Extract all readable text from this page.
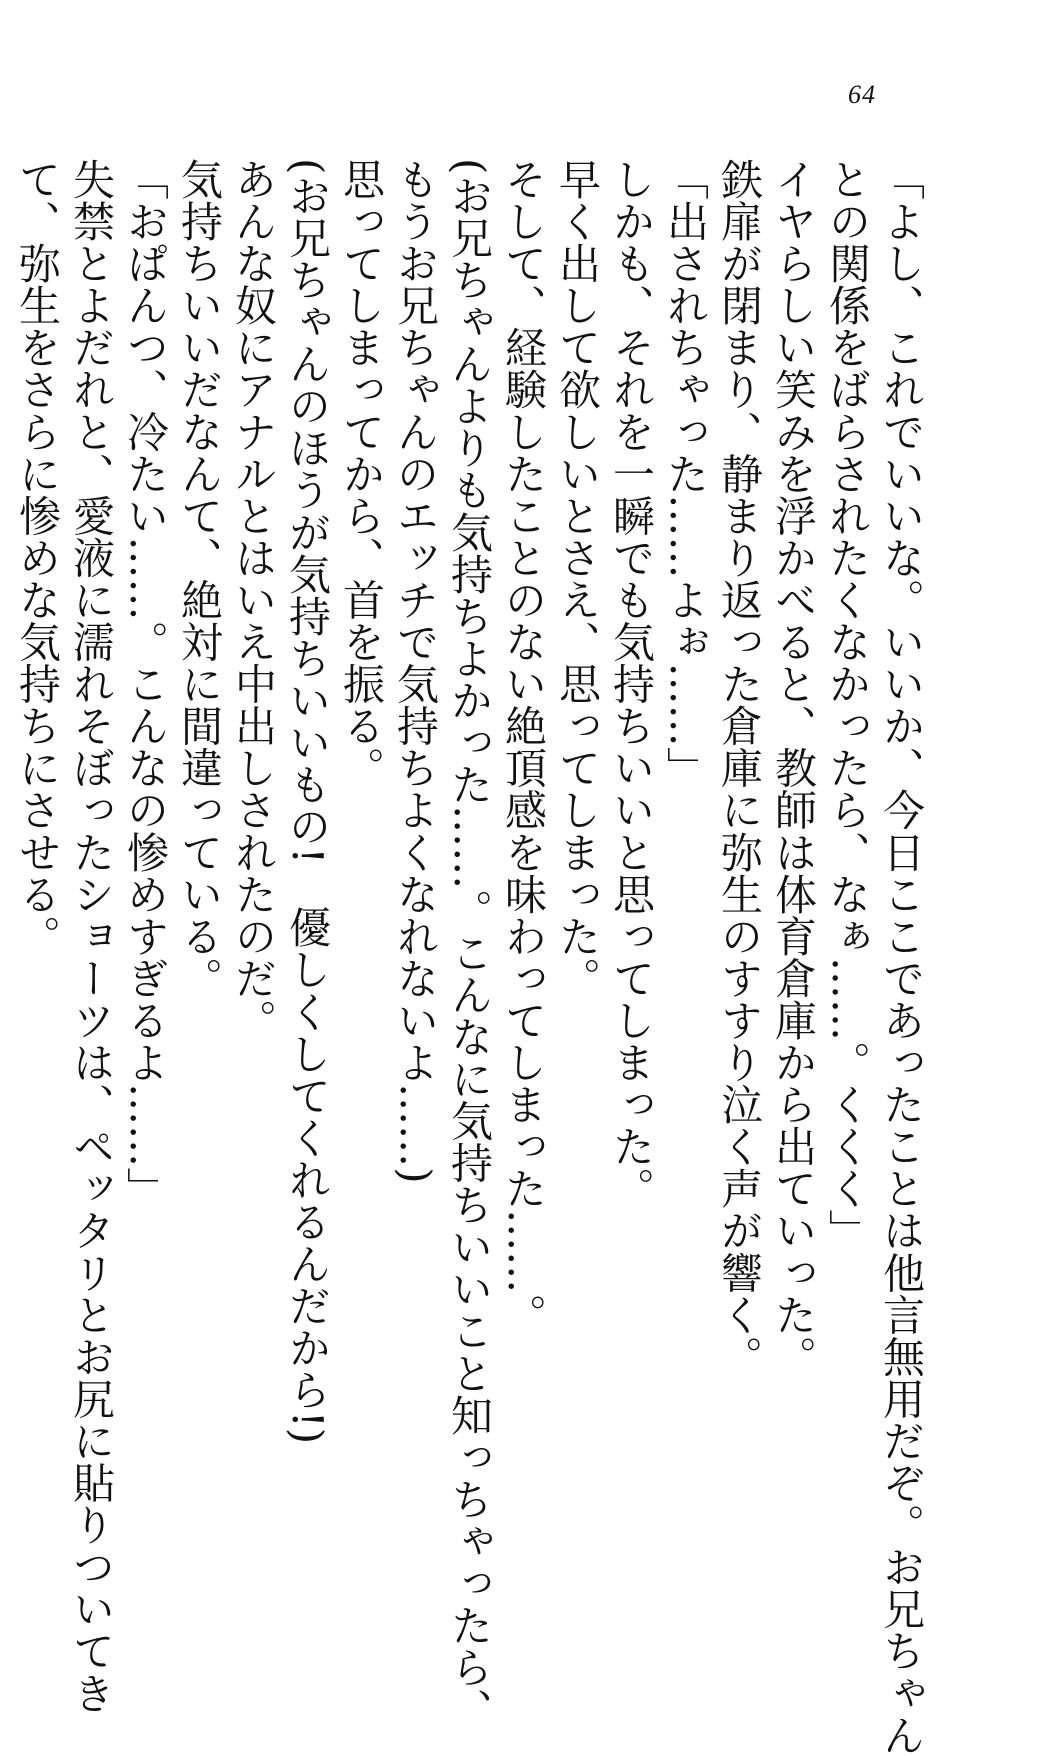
64

「よし、これでいいな。いいか、今日ここであったことは他言無用だぞ。お兄ちゃん

との関係をばらされたくなかったら、なぁ……。くくく」

イヤらしい笑みを浮かべると、教師は体育倉庫から出ていった。

鉄扉が閉まり、静まり返った倉庫に弥生のすすり泣く声が響く。

「出されちゃった……よぉ……」

しかも、それを一瞬でも気持ちいいと思ってしまった。

早く出して欲しいとさえ、思ってしまった。

そして、経験したことのない絶頂感を味わってしまった……。

(お兄ちゃんよりも気持ちよかった……。こんなに気持ちいいこと知っちゃったら、

もうお兄ちゃんのエッチで気持ちよくなれないよ……)

思ってしまってから、首を振る。

(お兄ちゃんのほうが気持ちいいもの!　優しくしてくれるんだから!)

あんな奴にアナルとはいえ中出しされたのだ。

気持ちいいだなんて、絶対に間違っている。

「おぱんつ、冷たい……。こんなの惨めすぎるよ……」

失禁とよだれと、愛液に濡れそぼったショーツは、ペッタリとお尻に貼りついてき

て、弥生をさらに惨めな気持ちにさせる。
